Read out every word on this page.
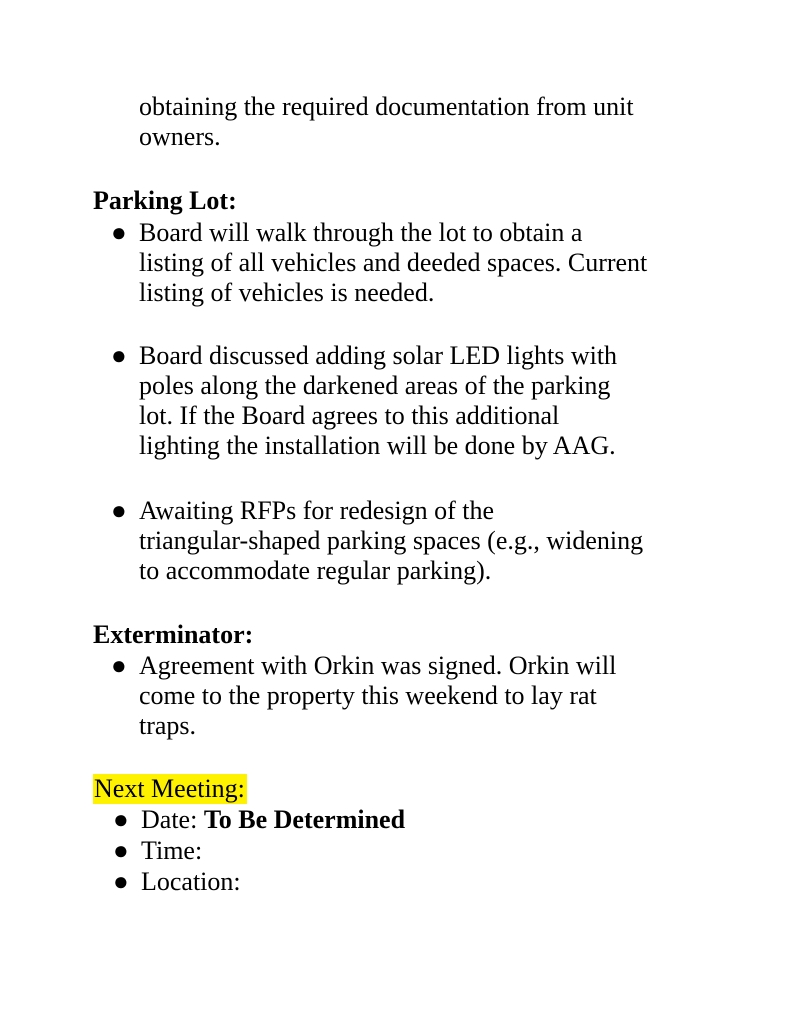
obtaining the required documentation from unit
owners.
Parking Lot:
● Board will walk through the lot to obtain a
listing of all vehicles and deeded spaces. Current
listing of vehicles is needed.
● Board discussed adding solar LED lights with
poles along the darkened areas of the parking
lot. If the Board agrees to this additional
lighting the installation will be done by AAG.
● Awaiting RFPs for redesign of the
triangular-shaped parking spaces (e.g., widening
to accommodate regular parking).
Exterminator:
● Agreement with Orkin was signed. Orkin will
come to the property this weekend to lay rat
traps.
Next Meeting:
● Date: To Be Determined
● Time:
● Location:
